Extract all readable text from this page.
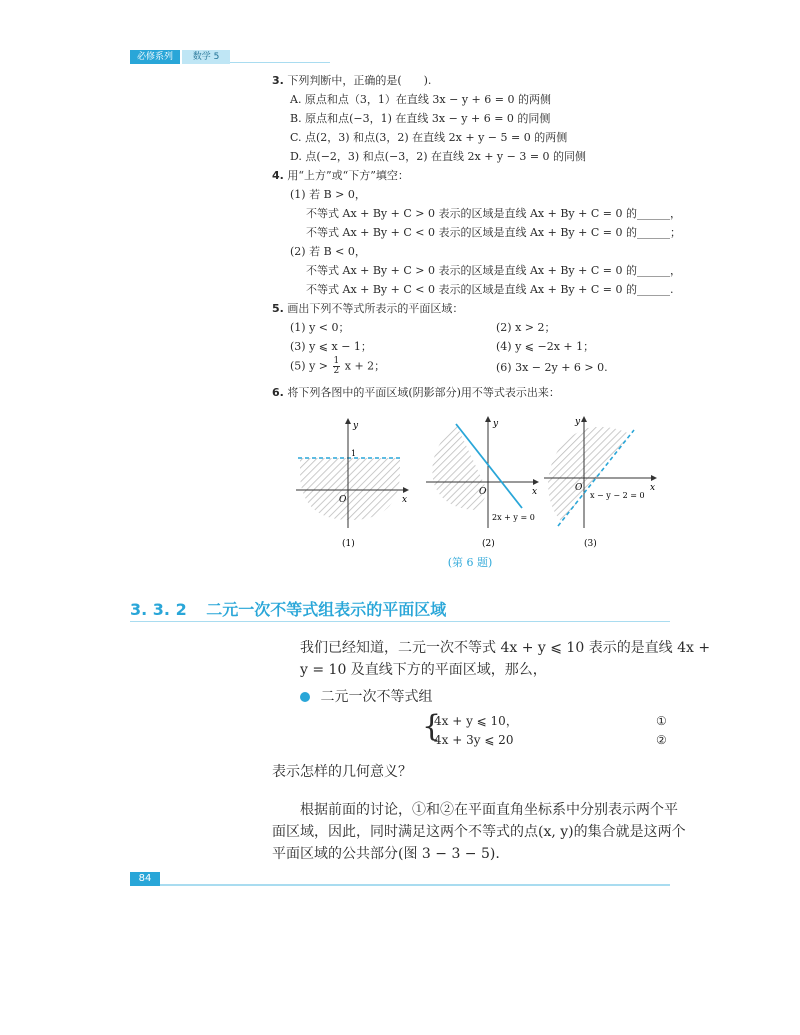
必修系列	数学 5
3. 下列判断中，正确的是(　　).
A. 原点和点（3，1）在直线 3x − y + 6 = 0 的两侧
B. 原点和点(−3，1) 在直线 3x − y + 6 = 0 的同侧
C. 点(2，3) 和点(3，2) 在直线 2x + y − 5 = 0 的两侧
D. 点(−2，3) 和点(−3，2) 在直线 2x + y − 3 = 0 的同侧
4. 用“上方”或“下方”填空：
(1) 若 B > 0，
不等式 Ax + By + C > 0 表示的区域是直线 Ax + By + C = 0 的______，
不等式 Ax + By + C < 0 表示的区域是直线 Ax + By + C = 0 的______；
(2) 若 B < 0，
不等式 Ax + By + C > 0 表示的区域是直线 Ax + By + C = 0 的______，
不等式 Ax + By + C < 0 表示的区域是直线 Ax + By + C = 0 的______.
5. 画出下列不等式所表示的平面区域：
(1) y < 0；	(2) x > 2；
(3) y ⩽ x − 1；	(4) y ⩽ −2x + 1；
(5) $y > \frac{1}{2}$ x + 2；	(6) 3x − 2y + 6 > 0.
6. 将下列各图中的平面区域(阴影部分)用不等式表示出来：
y
x
O
1
(1)
y
x
O
2x + y = 0
(2)
y
x
O
x − y − 2 = 0
(3)
(第 6 题)
3. 3. 2 二元一次不等式组表示的平面区域
我们已经知道，二元一次不等式 4x + y ⩽ 10 表示的是直线 4x +
y = 10 及直线下方的平面区域，那么，
二元一次不等式组
{
4x + y ⩽ 10，
4x + 3y ⩽ 20
①
②
表示怎样的几何意义？
根据前面的讨论，①和②在平面直角坐标系中分别表示两个平
面区域，因此，同时满足这两个不等式的点(x, y)的集合就是这两个
平面区域的公共部分(图 3 − 3 − 5).
84
